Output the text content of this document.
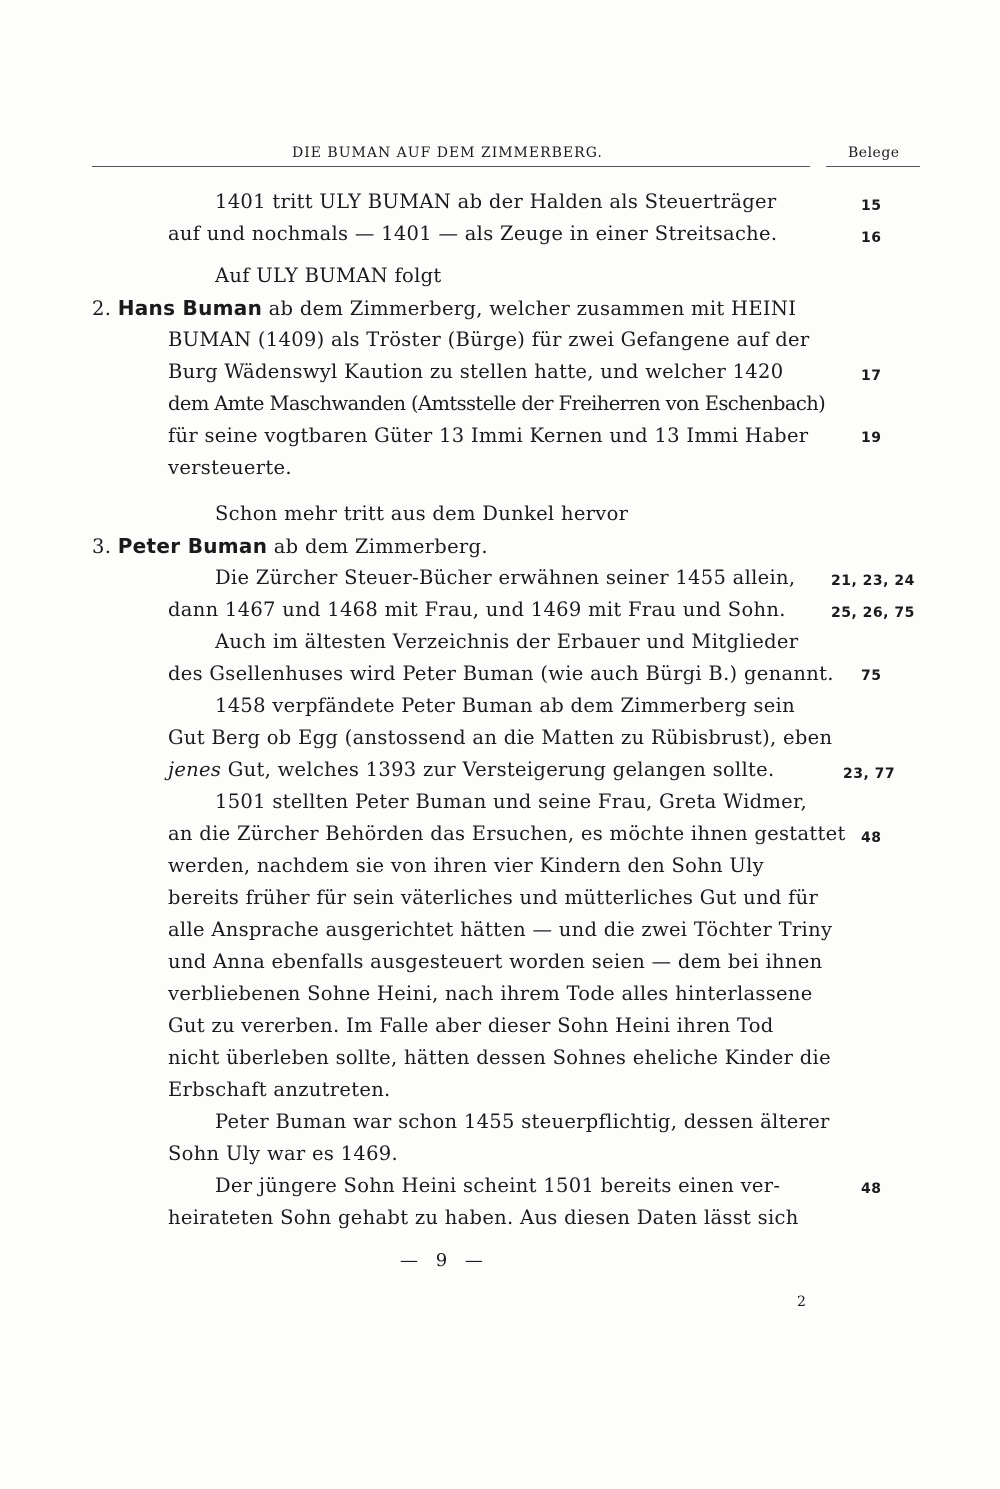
DIE BUMAN AUF DEM ZIMMERBERG.	Belege
1401 tritt ULY BUMAN ab der Halden als Steuerträger	15
auf und nochmals — 1401 — als Zeuge in einer Streitsache.	16
Auf ULY BUMAN folgt
2. Hans Buman ab dem Zimmerberg, welcher zusammen mit HEINI
BUMAN (1409) als Tröster (Bürge) für zwei Gefangene auf der
Burg Wädenswyl Kaution zu stellen hatte, und welcher 1420	17
dem Amte Maschwanden (Amtsstelle der Freiherren von Eschenbach)
für seine vogtbaren Güter 13 Immi Kernen und 13 Immi Haber	19
versteuerte.
Schon mehr tritt aus dem Dunkel hervor
3. Peter Buman ab dem Zimmerberg.
Die Zürcher Steuer-Bücher erwähnen seiner 1455 allein,	21, 23, 24
dann 1467 und 1468 mit Frau, und 1469 mit Frau und Sohn.	25, 26, 75
Auch im ältesten Verzeichnis der Erbauer und Mitglieder
des Gsellenhuses wird Peter Buman (wie auch Bürgi B.) genannt. 75
1458 verpfändete Peter Buman ab dem Zimmerberg sein
Gut Berg ob Egg (anstossend an die Matten zu Rübisbrust), eben
jenes Gut, welches 1393 zur Versteigerung gelangen sollte.	23, 77
1501 stellten Peter Buman und seine Frau, Greta Widmer,
an die Zürcher Behörden das Ersuchen, es möchte ihnen gestattet 48
werden, nachdem sie von ihren vier Kindern den Sohn Uly
bereits früher für sein väterliches und mütterliches Gut und für
alle Ansprache ausgerichtet hätten — und die zwei Töchter Triny
und Anna ebenfalls ausgesteuert worden seien — dem bei ihnen
verbliebenen Sohne Heini, nach ihrem Tode alles hinterlassene
Gut zu vererben. Im Falle aber dieser Sohn Heini ihren Tod
nicht überleben sollte, hätten dessen Sohnes eheliche Kinder die
Erbschaft anzutreten.
Peter Buman war schon 1455 steuerpflichtig, dessen älterer
Sohn Uly war es 1469.
Der jüngere Sohn Heini scheint 1501 bereits einen ver-	48
heirateten Sohn gehabt zu haben. Aus diesen Daten lässt sich
— 9 —
2
